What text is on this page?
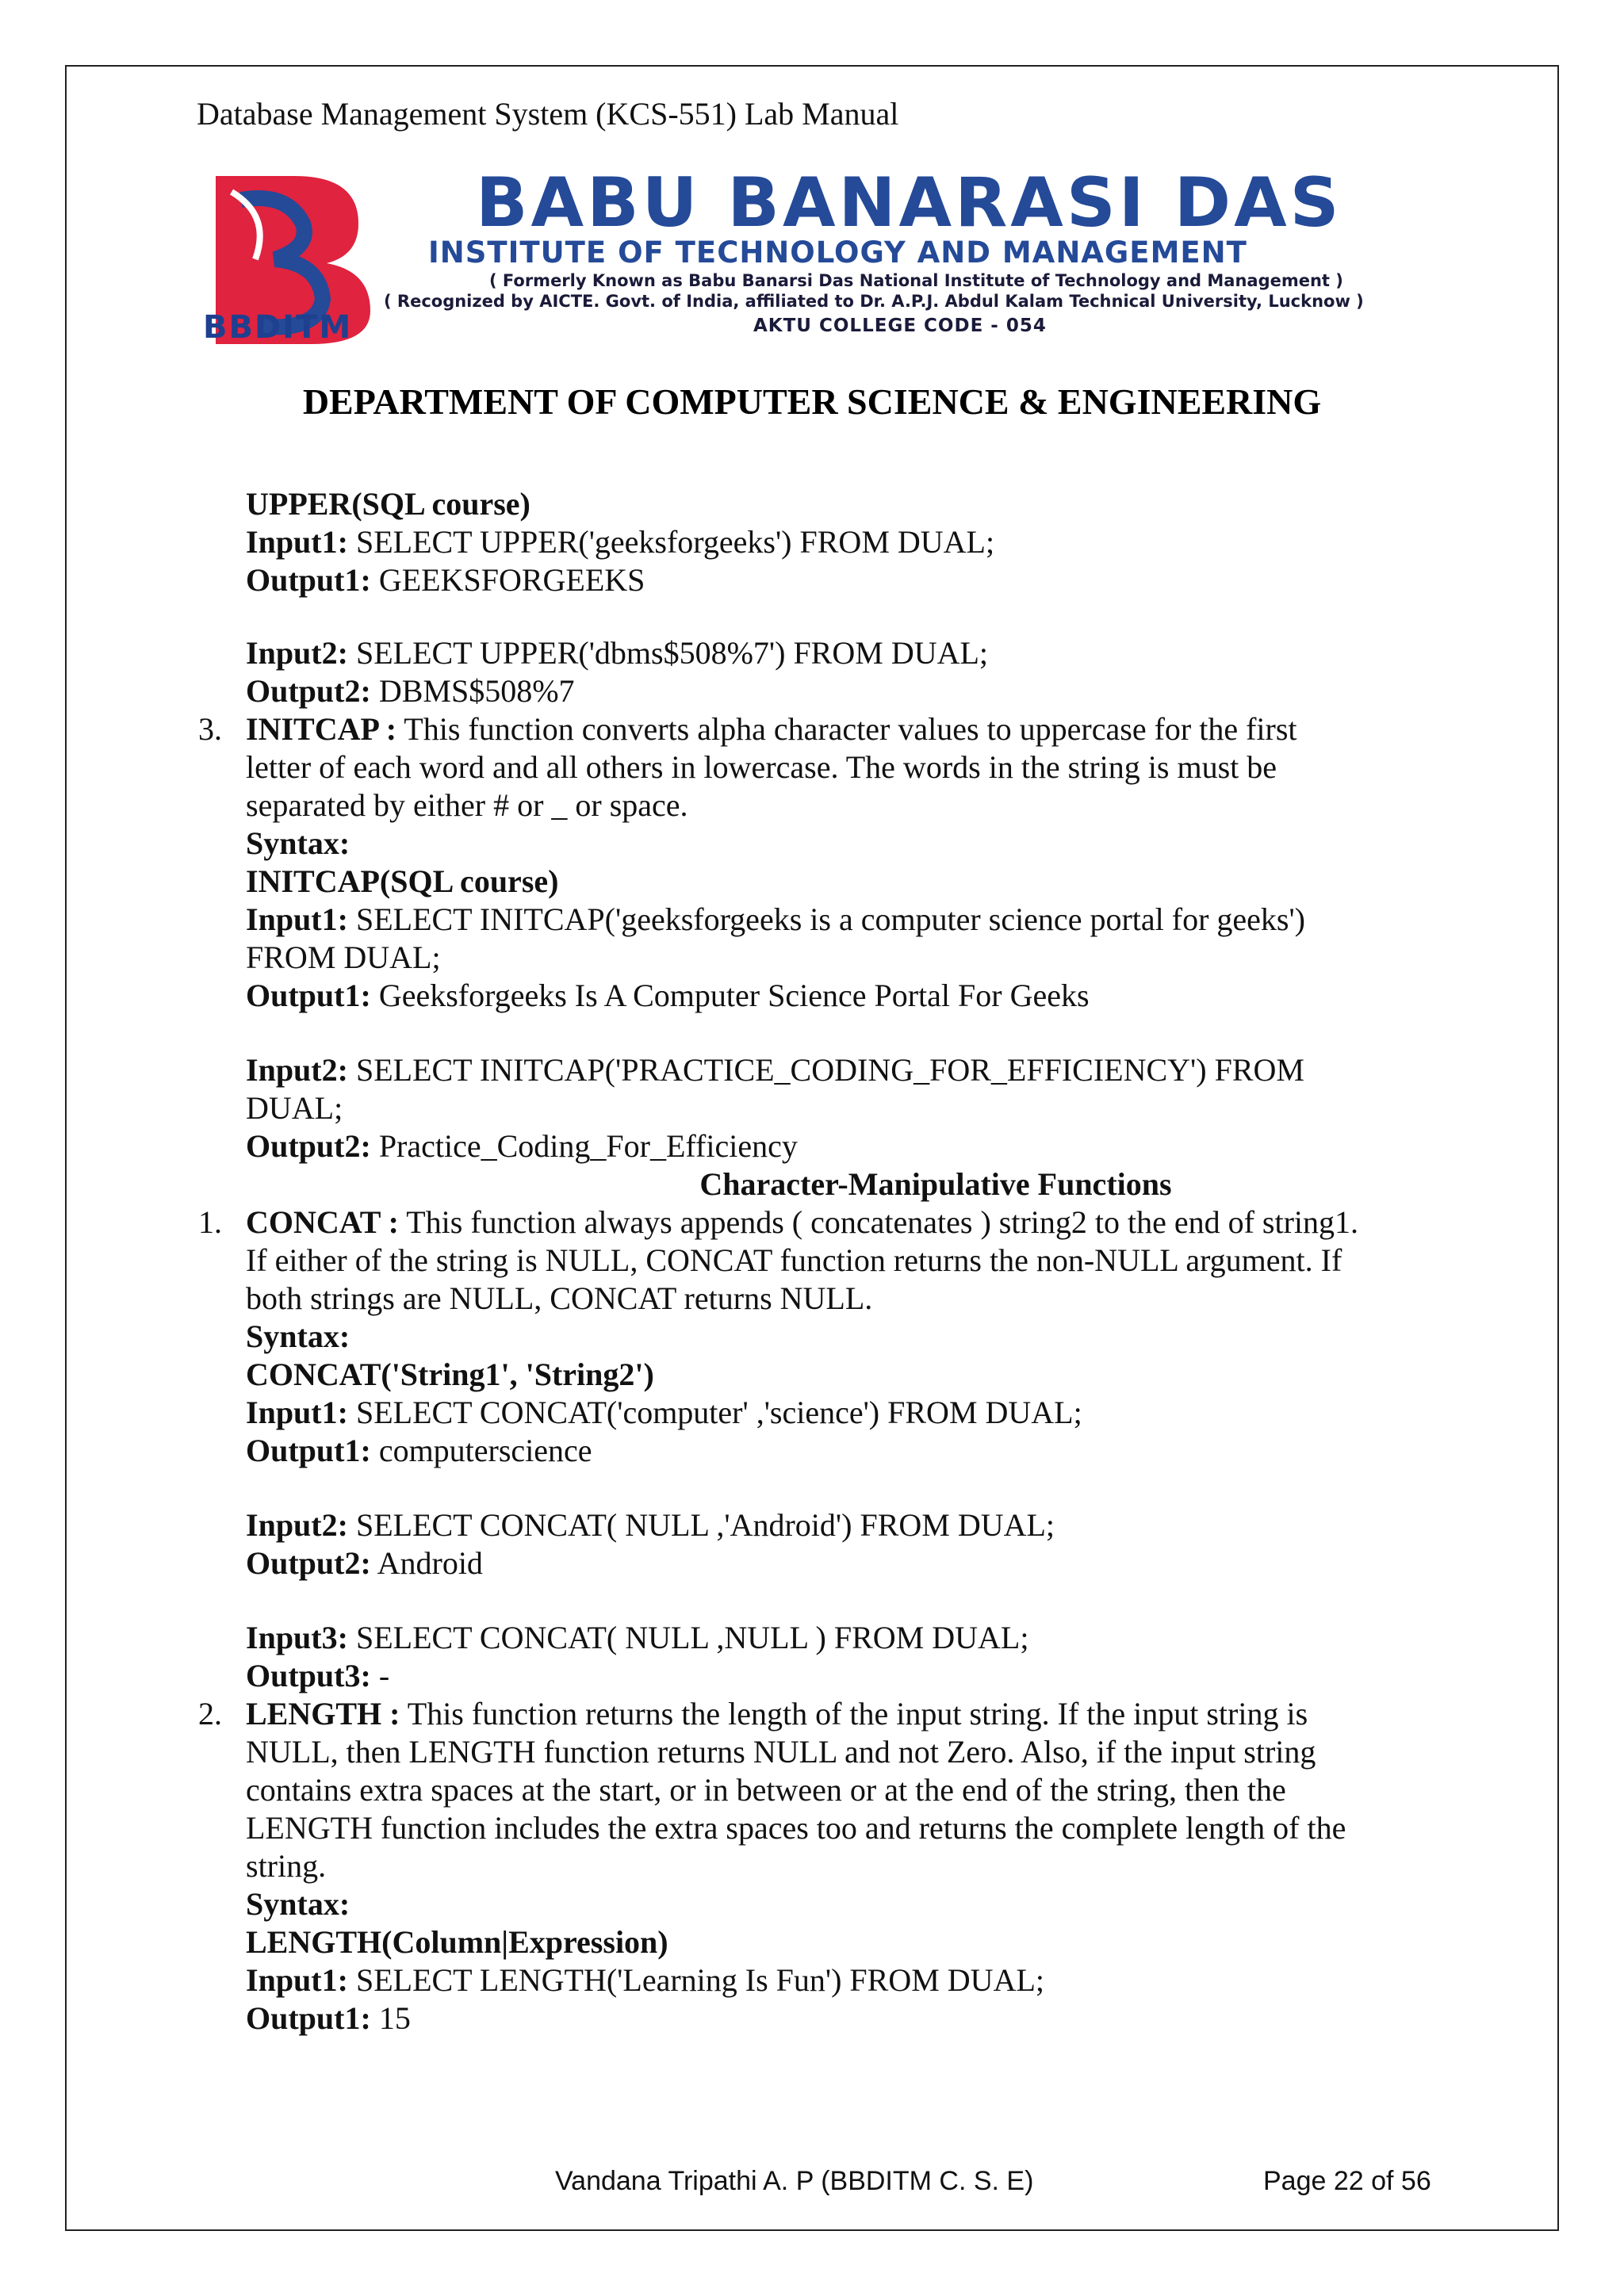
Database Management System (KCS-551) Lab Manual
BBDITM
BABU BANARASI DAS
INSTITUTE OF TECHNOLOGY AND MANAGEMENT
( Formerly Known as Babu Banarsi Das National Institute of Technology and Management )
( Recognized by AICTE. Govt. of India, affiliated to Dr. A.P.J. Abdul Kalam Technical University, Lucknow )
AKTU COLLEGE CODE - 054
DEPARTMENT OF COMPUTER SCIENCE & ENGINEERING
UPPER(SQL course)
Input1: SELECT UPPER('geeksforgeeks') FROM DUAL;
Output1: GEEKSFORGEEKS
Input2: SELECT UPPER('dbms$508%7') FROM DUAL;
Output2: DBMS$508%7
3. INITCAP : This function converts alpha character values to uppercase for the first
letter of each word and all others in lowercase. The words in the string is must be
separated by either # or _ or space.
Syntax:
INITCAP(SQL course)
Input1: SELECT INITCAP('geeksforgeeks is a computer science portal for geeks')
FROM DUAL;
Output1: Geeksforgeeks Is A Computer Science Portal For Geeks
Input2: SELECT INITCAP('PRACTICE_CODING_FOR_EFFICIENCY') FROM
DUAL;
Output2: Practice_Coding_For_Efficiency
Character-Manipulative Functions
1. CONCAT : This function always appends ( concatenates ) string2 to the end of string1.
If either of the string is NULL, CONCAT function returns the non-NULL argument. If
both strings are NULL, CONCAT returns NULL.
Syntax:
CONCAT('String1', 'String2')
Input1: SELECT CONCAT('computer' ,'science') FROM DUAL;
Output1: computerscience
Input2: SELECT CONCAT( NULL ,'Android') FROM DUAL;
Output2: Android
Input3: SELECT CONCAT( NULL ,NULL ) FROM DUAL;
Output3: -
2. LENGTH : This function returns the length of the input string. If the input string is
NULL, then LENGTH function returns NULL and not Zero. Also, if the input string
contains extra spaces at the start, or in between or at the end of the string, then the
LENGTH function includes the extra spaces too and returns the complete length of the
string.
Syntax:
LENGTH(Column|Expression)
Input1: SELECT LENGTH('Learning Is Fun') FROM DUAL;
Output1: 15
Vandana Tripathi A. P (BBDITM C. S. E)	Page 22 of 56
